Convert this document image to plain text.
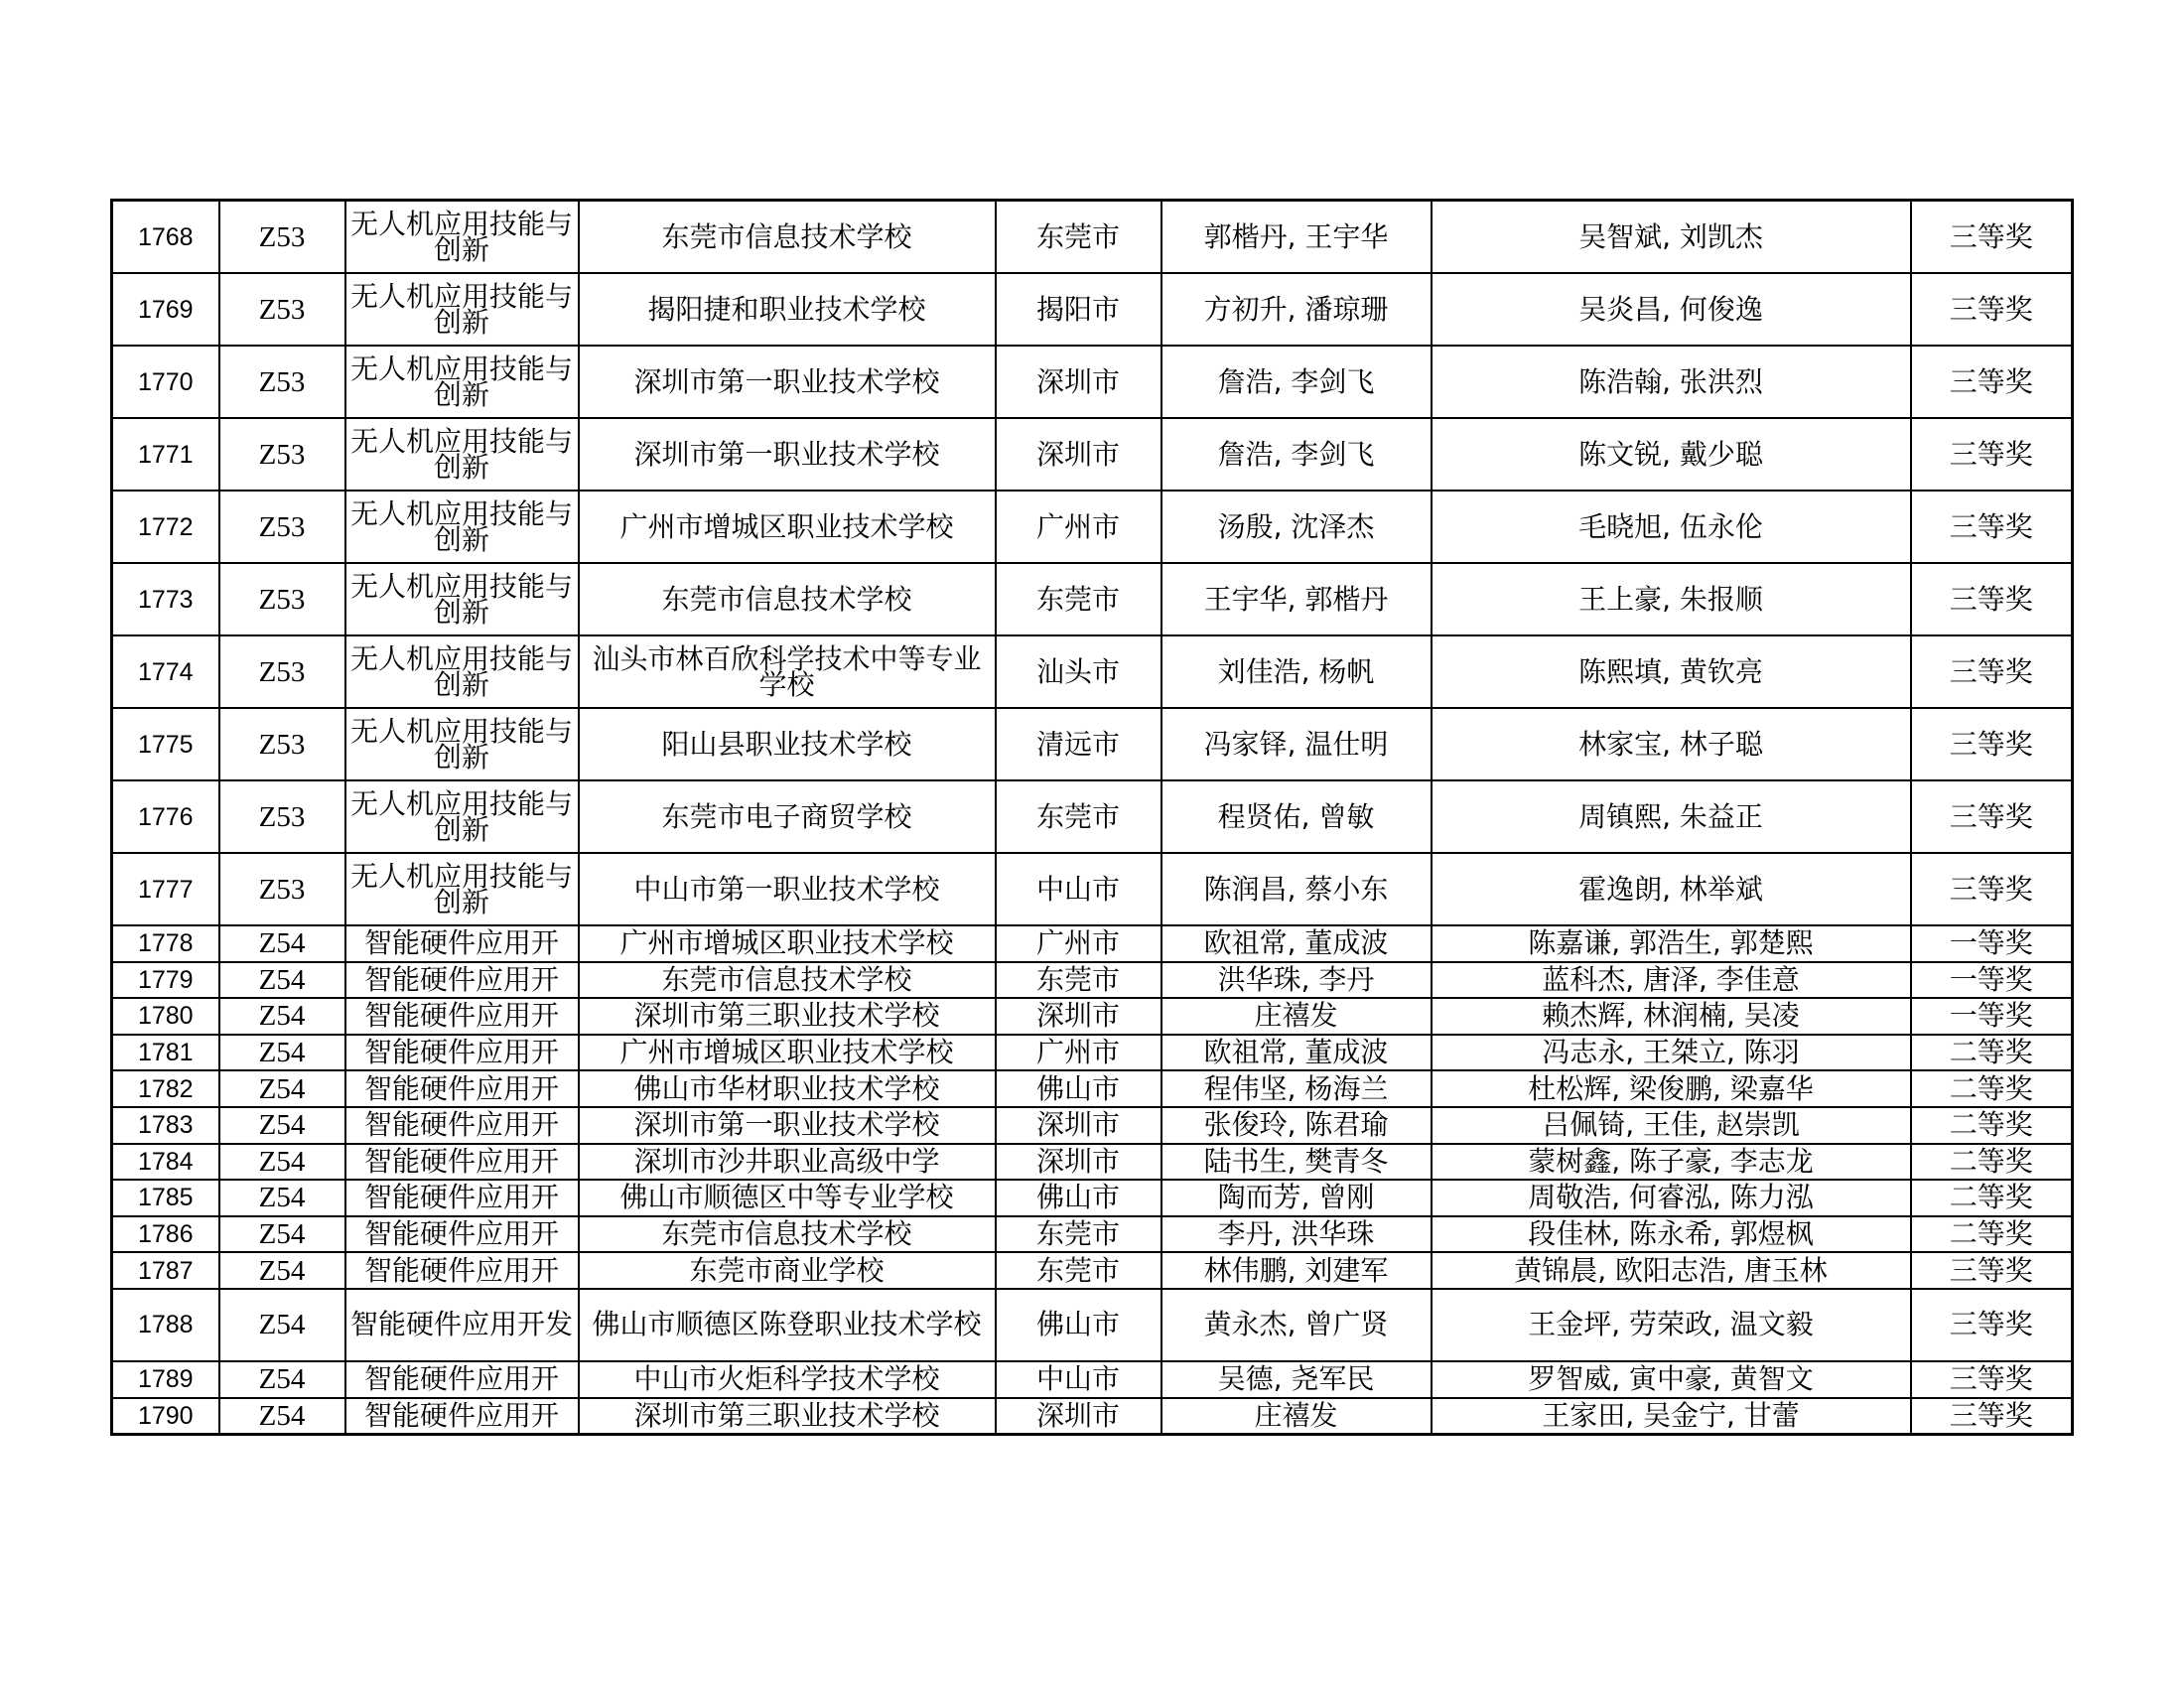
1768	Z53	无人机应用技能与创新	东莞市信息技术学校	东莞市	郭楷丹, 王宇华	吴智斌, 刘凯杰	三等奖
1769	Z53	无人机应用技能与创新	揭阳捷和职业技术学校	揭阳市	方初升, 潘琼珊	吴炎昌, 何俊逸	三等奖
1770	Z53	无人机应用技能与创新	深圳市第一职业技术学校	深圳市	詹浩, 李剑飞	陈浩翰, 张洪烈	三等奖
1771	Z53	无人机应用技能与创新	深圳市第一职业技术学校	深圳市	詹浩, 李剑飞	陈文锐, 戴少聪	三等奖
1772	Z53	无人机应用技能与创新	广州市增城区职业技术学校	广州市	汤殷, 沈泽杰	毛晓旭, 伍永伦	三等奖
1773	Z53	无人机应用技能与创新	东莞市信息技术学校	东莞市	王宇华, 郭楷丹	王上豪, 朱报顺	三等奖
1774	Z53	无人机应用技能与创新	汕头市林百欣科学技术中等专业学校	汕头市	刘佳浩, 杨帆	陈熙填, 黄钦亮	三等奖
1775	Z53	无人机应用技能与创新	阳山县职业技术学校	清远市	冯家铎, 温仕明	林家宝, 林子聪	三等奖
1776	Z53	无人机应用技能与创新	东莞市电子商贸学校	东莞市	程贤佑, 曾敏	周镇熙, 朱益正	三等奖
1777	Z53	无人机应用技能与创新	中山市第一职业技术学校	中山市	陈润昌, 蔡小东	霍逸朗, 林举斌	三等奖
1778	Z54	智能硬件应用开	广州市增城区职业技术学校	广州市	欧祖常, 董成波	陈嘉谦, 郭浩生, 郭楚熙	一等奖
1779	Z54	智能硬件应用开	东莞市信息技术学校	东莞市	洪华珠, 李丹	蓝科杰, 唐泽, 李佳意	一等奖
1780	Z54	智能硬件应用开	深圳市第三职业技术学校	深圳市	庄禧发	赖杰辉, 林润楠, 吴凌	一等奖
1781	Z54	智能硬件应用开	广州市增城区职业技术学校	广州市	欧祖常, 董成波	冯志永, 王桀立, 陈羽	二等奖
1782	Z54	智能硬件应用开	佛山市华材职业技术学校	佛山市	程伟坚, 杨海兰	杜松辉, 梁俊鹏, 梁嘉华	二等奖
1783	Z54	智能硬件应用开	深圳市第一职业技术学校	深圳市	张俊玲, 陈君瑜	吕佩锜, 王佳, 赵崇凯	二等奖
1784	Z54	智能硬件应用开	深圳市沙井职业高级中学	深圳市	陆书生, 樊青冬	蒙树鑫, 陈子豪, 李志龙	二等奖
1785	Z54	智能硬件应用开	佛山市顺德区中等专业学校	佛山市	陶而芳, 曾刚	周敬浩, 何睿泓, 陈力泓	二等奖
1786	Z54	智能硬件应用开	东莞市信息技术学校	东莞市	李丹, 洪华珠	段佳林, 陈永希, 郭煜枫	二等奖
1787	Z54	智能硬件应用开	东莞市商业学校	东莞市	林伟鹏, 刘建军	黄锦晨, 欧阳志浩, 唐玉林	三等奖
1788	Z54	智能硬件应用开发	佛山市顺德区陈登职业技术学校	佛山市	黄永杰, 曾广贤	王金坪, 劳荣政, 温文毅	三等奖
1789	Z54	智能硬件应用开	中山市火炬科学技术学校	中山市	吴德, 尧军民	罗智威, 寅中豪, 黄智文	三等奖
1790	Z54	智能硬件应用开	深圳市第三职业技术学校	深圳市	庄禧发	王家田, 吴金宁, 甘蕾	三等奖
